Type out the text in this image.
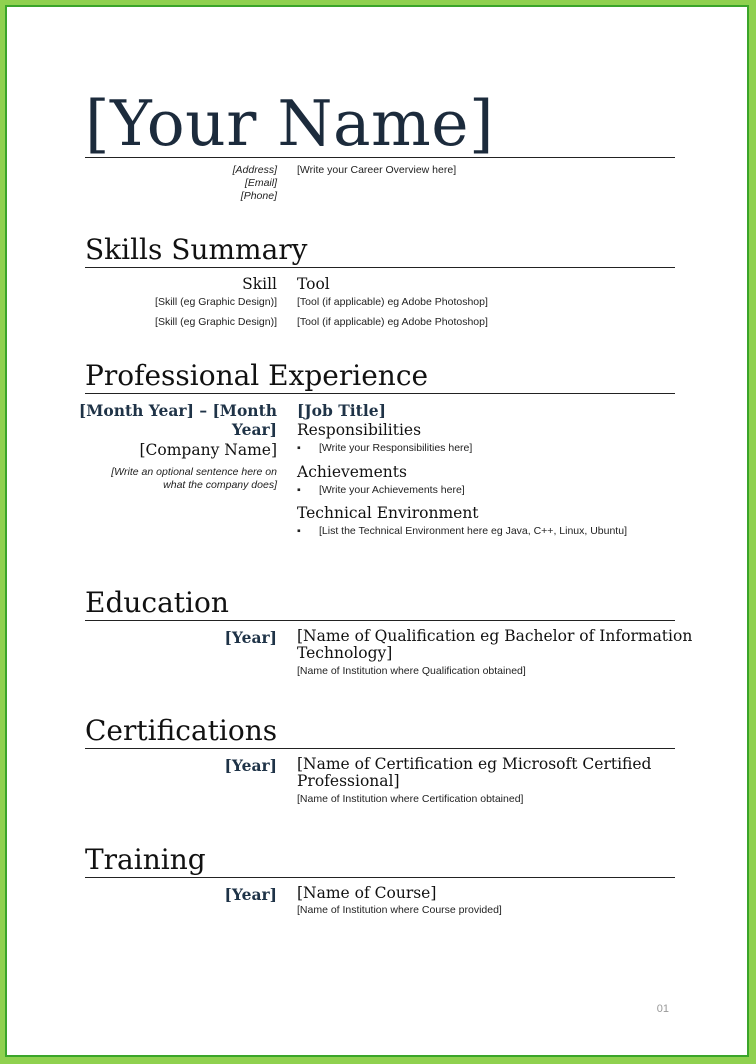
[Your Name]
[Address]
[Email]
[Phone]
[Write your Career Overview here]
Skills Summary
Skill Tool
[Skill (eg Graphic Design)] [Tool (if applicable) eg Adobe Photoshop]
[Skill (eg Graphic Design)] [Tool (if applicable) eg Adobe Photoshop]
Professional Experience
[Month Year] – [Month
Year]
[Company Name]
[Write an optional sentence here on
what the company does]
[Job Title]
Responsibilities
▪ [Write your Responsibilities here]
Achievements
▪ [Write your Achievements here]
Technical Environment
▪ [List the Technical Environment here eg Java, C++, Linux, Ubuntu]
Education
[Year] [Name of Qualification eg Bachelor of Information
Technology]
[Name of Institution where Qualification obtained]
Certifications
[Year] [Name of Certification eg Microsoft Certified
Professional]
[Name of Institution where Certification obtained]
Training
[Year] [Name of Course]
[Name of Institution where Course provided]
01
